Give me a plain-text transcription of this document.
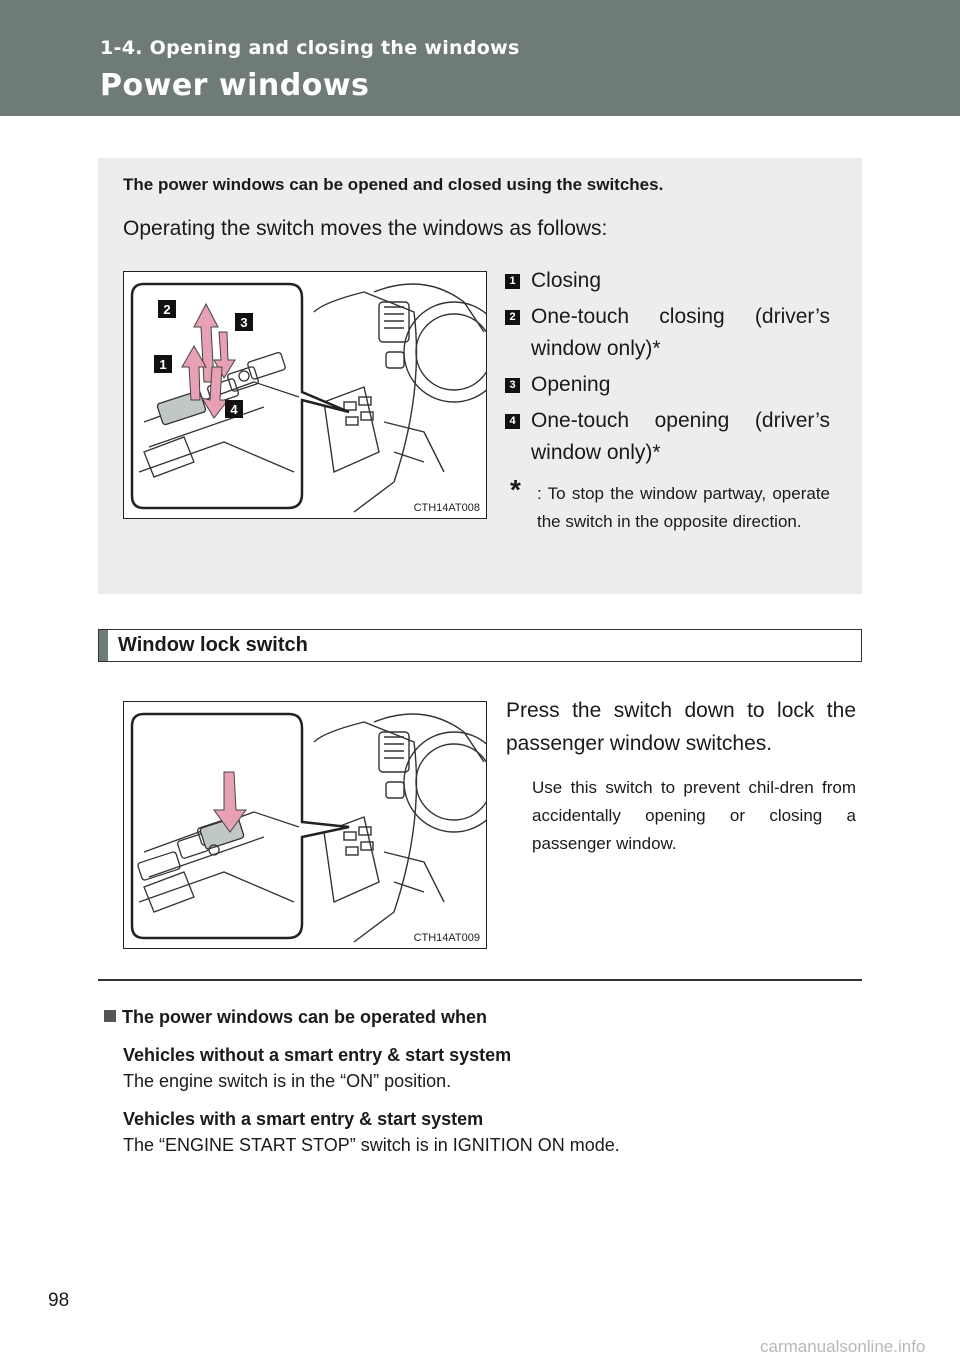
1-4. Opening and closing the windows
Power windows
The power windows can be opened and closed using the switches.
Operating the switch moves the windows as follows:
2
3
1
4
CTH14AT008
1 Closing
2 One-touch closing (driver’s window only)*
3 Opening
4 One-touch opening (driver’s window only)*
* : To stop the window partway, operate the switch in the opposite direction.
Window lock switch
CTH14AT009
Press the switch down to lock the passenger window switches.
Use this switch to prevent chil-dren from accidentally opening or closing a passenger window.
The power windows can be operated when
Vehicles without a smart entry & start system
The engine switch is in the “ON” position.
Vehicles with a smart entry & start system
The “ENGINE START STOP” switch is in IGNITION ON mode.
98
carmanualsonline.info
